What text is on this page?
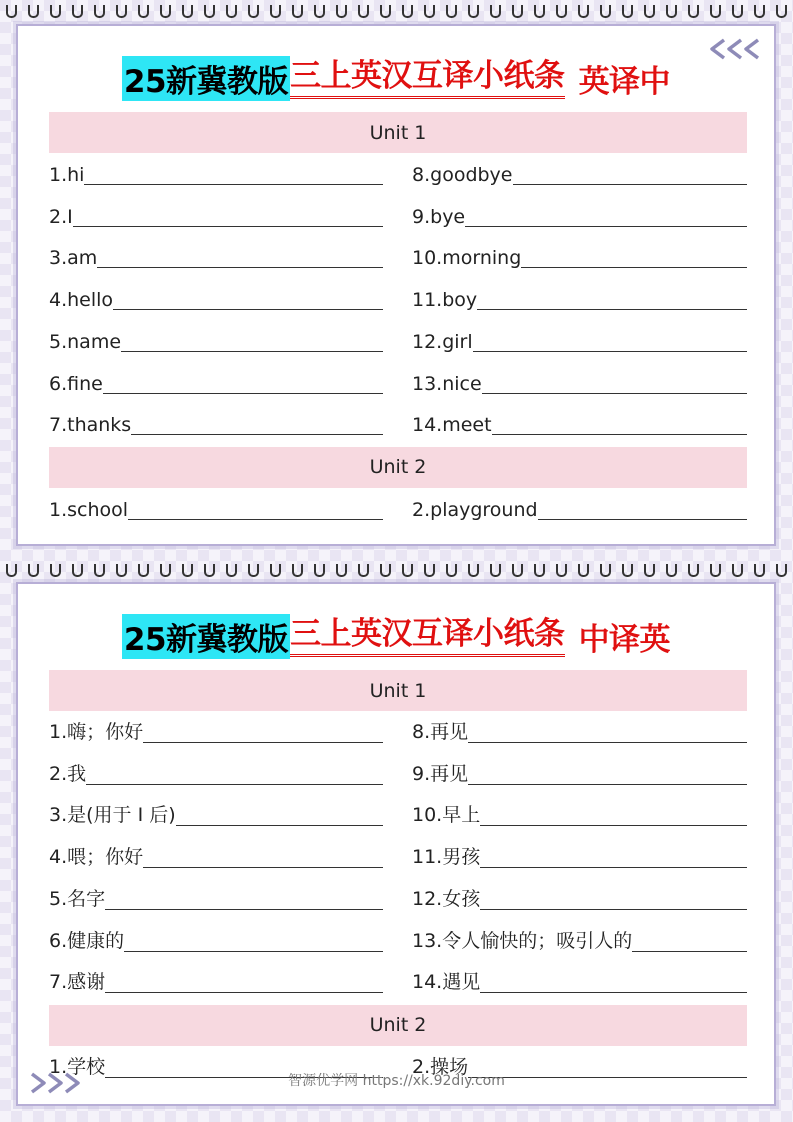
25新冀教版 三上英汉互译小纸条 英译中
Unit 1
1.hi	8.goodbye
2.I	9.bye
3.am	10.morning
4.hello	11.boy
5.name	12.girl
6.fine	13.nice
7.thanks	14.meet
Unit 2
1.school	2.playground
25新冀教版 三上英汉互译小纸条 中译英
Unit 1
1.嗨；你好	8.再见
2.我	9.再见
3.是(用于 I 后)	10.早上
4.喂；你好	11.男孩
5.名字	12.女孩
6.健康的	13.令人愉快的；吸引人的
7.感谢	14.遇见
Unit 2
1.学校	2.操场
智源优学网 https://xk.92diy.com
